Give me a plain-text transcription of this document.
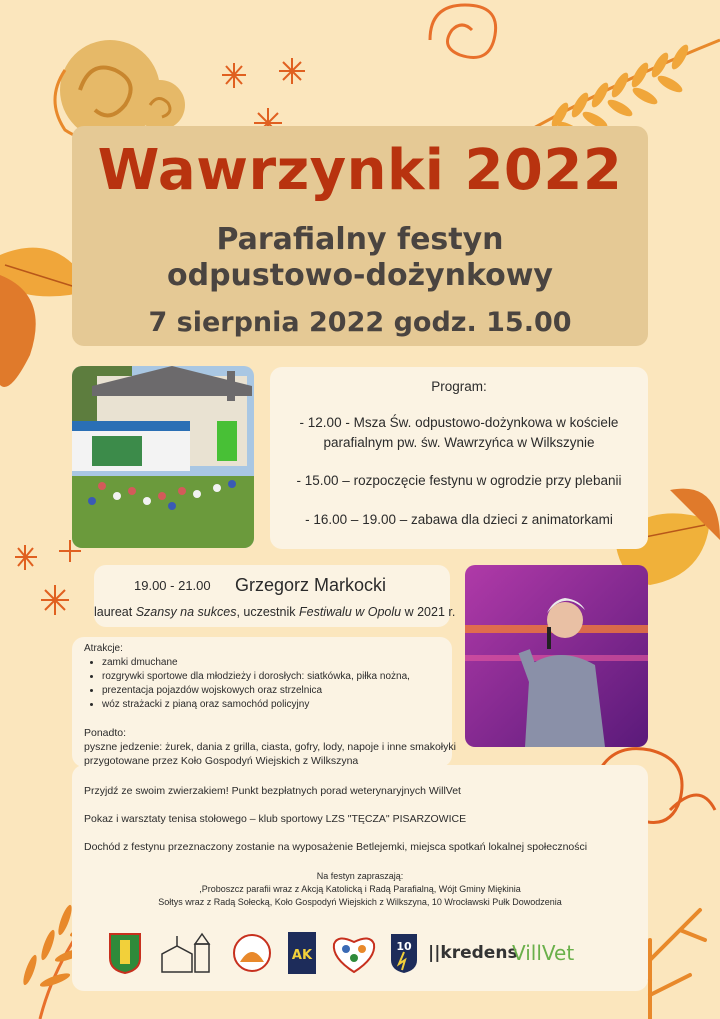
Wawrzynki 2022
Parafialny festyn
odpustowo-dożynkowy
7 sierpnia 2022 godz. 15.00

Program:

- 12.00 - Msza Św. odpustowo-dożynkowa w kościele

parafialnym pw. św. Wawrzyńca w Wilkszynie

- 15.00 – rozpoczęcie festynu w ogrodzie przy plebanii

- 16.00 – 19.00 – zabawa dla dzieci z animatorkami

19.00 - 21.00 Grzegorz Markocki
laureat Szansy na sukces, uczestnik Festiwalu w Opolu w 2021 r.
Atrakcje:
• zamki dmuchane
• rozgrywki sportowe dla młodzieży i dorosłych: siatkówka, piłka nożna,
• prezentacja pojazdów wojskowych oraz strzelnica
• wóz strażacki z pianą oraz samochód policyjny
Ponadto:
pyszne jedzenie: żurek, dania z grilla, ciasta, gofry, lody, napoje i inne smakołyki
przygotowane przez Koło Gospodyń Wiejskich z Wilkszyna
Przyjdź ze swoim zwierzakiem! Punkt bezpłatnych porad weterynaryjnych WillVet
Pokaz i warsztaty tenisa stołowego – klub sportowy LZS "TĘCZA" PISARZOWICE
Dochód z festynu przeznaczony zostanie na wyposażenie Betlejemki, miejsca spotkań lokalnej społeczności
Na festyn zapraszają:
,Proboszcz parafii wraz z Akcją Katolicką i Radą Parafialną, Wójt Gminy Miękinia
Sołtys wraz z Radą Sołecką, Koło Gospodyń Wiejskich z Wilkszyna, 10 Wrocławski Pułk Dowodzenia
AK
10 ||kredens
VillVet
